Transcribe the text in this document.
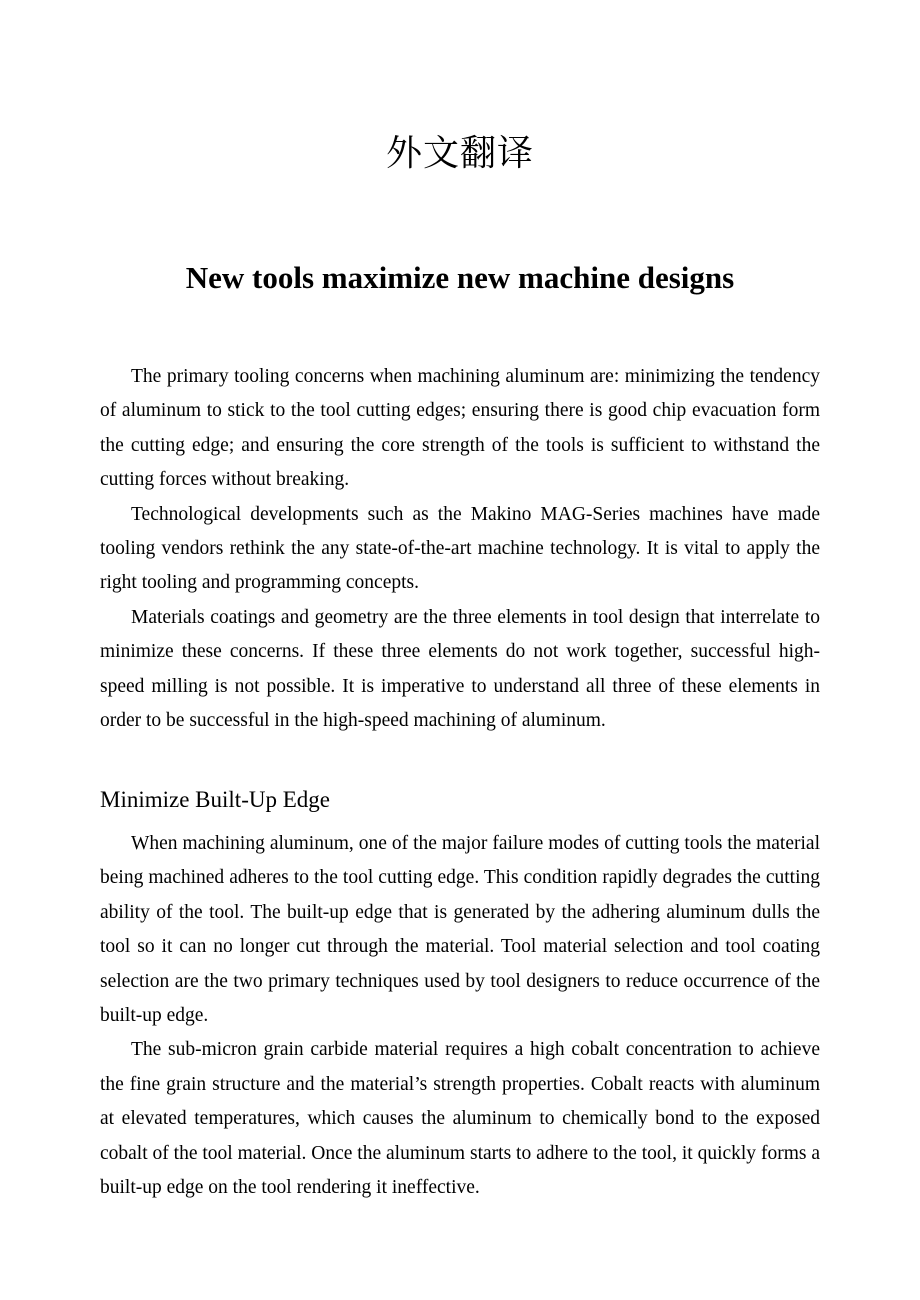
外文翻译
New tools maximize new machine designs

The primary tooling concerns when machining aluminum are: minimizing the tendency of aluminum to stick to the tool cutting edges; ensuring there is good chip evacuation form the cutting edge; and ensuring the core strength of the tools is sufficient to withstand the cutting forces without breaking.

Technological developments such as the Makino MAG-Series machines have made tooling vendors rethink the any state-of-the-art machine technology. It is vital to apply the right tooling and programming concepts.

Materials coatings and geometry are the three elements in tool design that interrelate to minimize these concerns. If these three elements do not work together, successful high-speed milling is not possible. It is imperative to understand all three of these elements in order to be successful in the high-speed machining of aluminum.

Minimize Built-Up Edge

When machining aluminum, one of the major failure modes of cutting tools the material being machined adheres to the tool cutting edge. This condition rapidly degrades the cutting ability of the tool. The built-up edge that is generated by the adhering aluminum dulls the tool so it can no longer cut through the material. Tool material selection and tool coating selection are the two primary techniques used by tool designers to reduce occurrence of the built-up edge.

The sub-micron grain carbide material requires a high cobalt concentration to achieve the fine grain structure and the material’s strength properties. Cobalt reacts with aluminum at elevated temperatures, which causes the aluminum to chemically bond to the exposed cobalt of the tool material. Once the aluminum starts to adhere to the tool, it quickly forms a built-up edge on the tool rendering it ineffective.
